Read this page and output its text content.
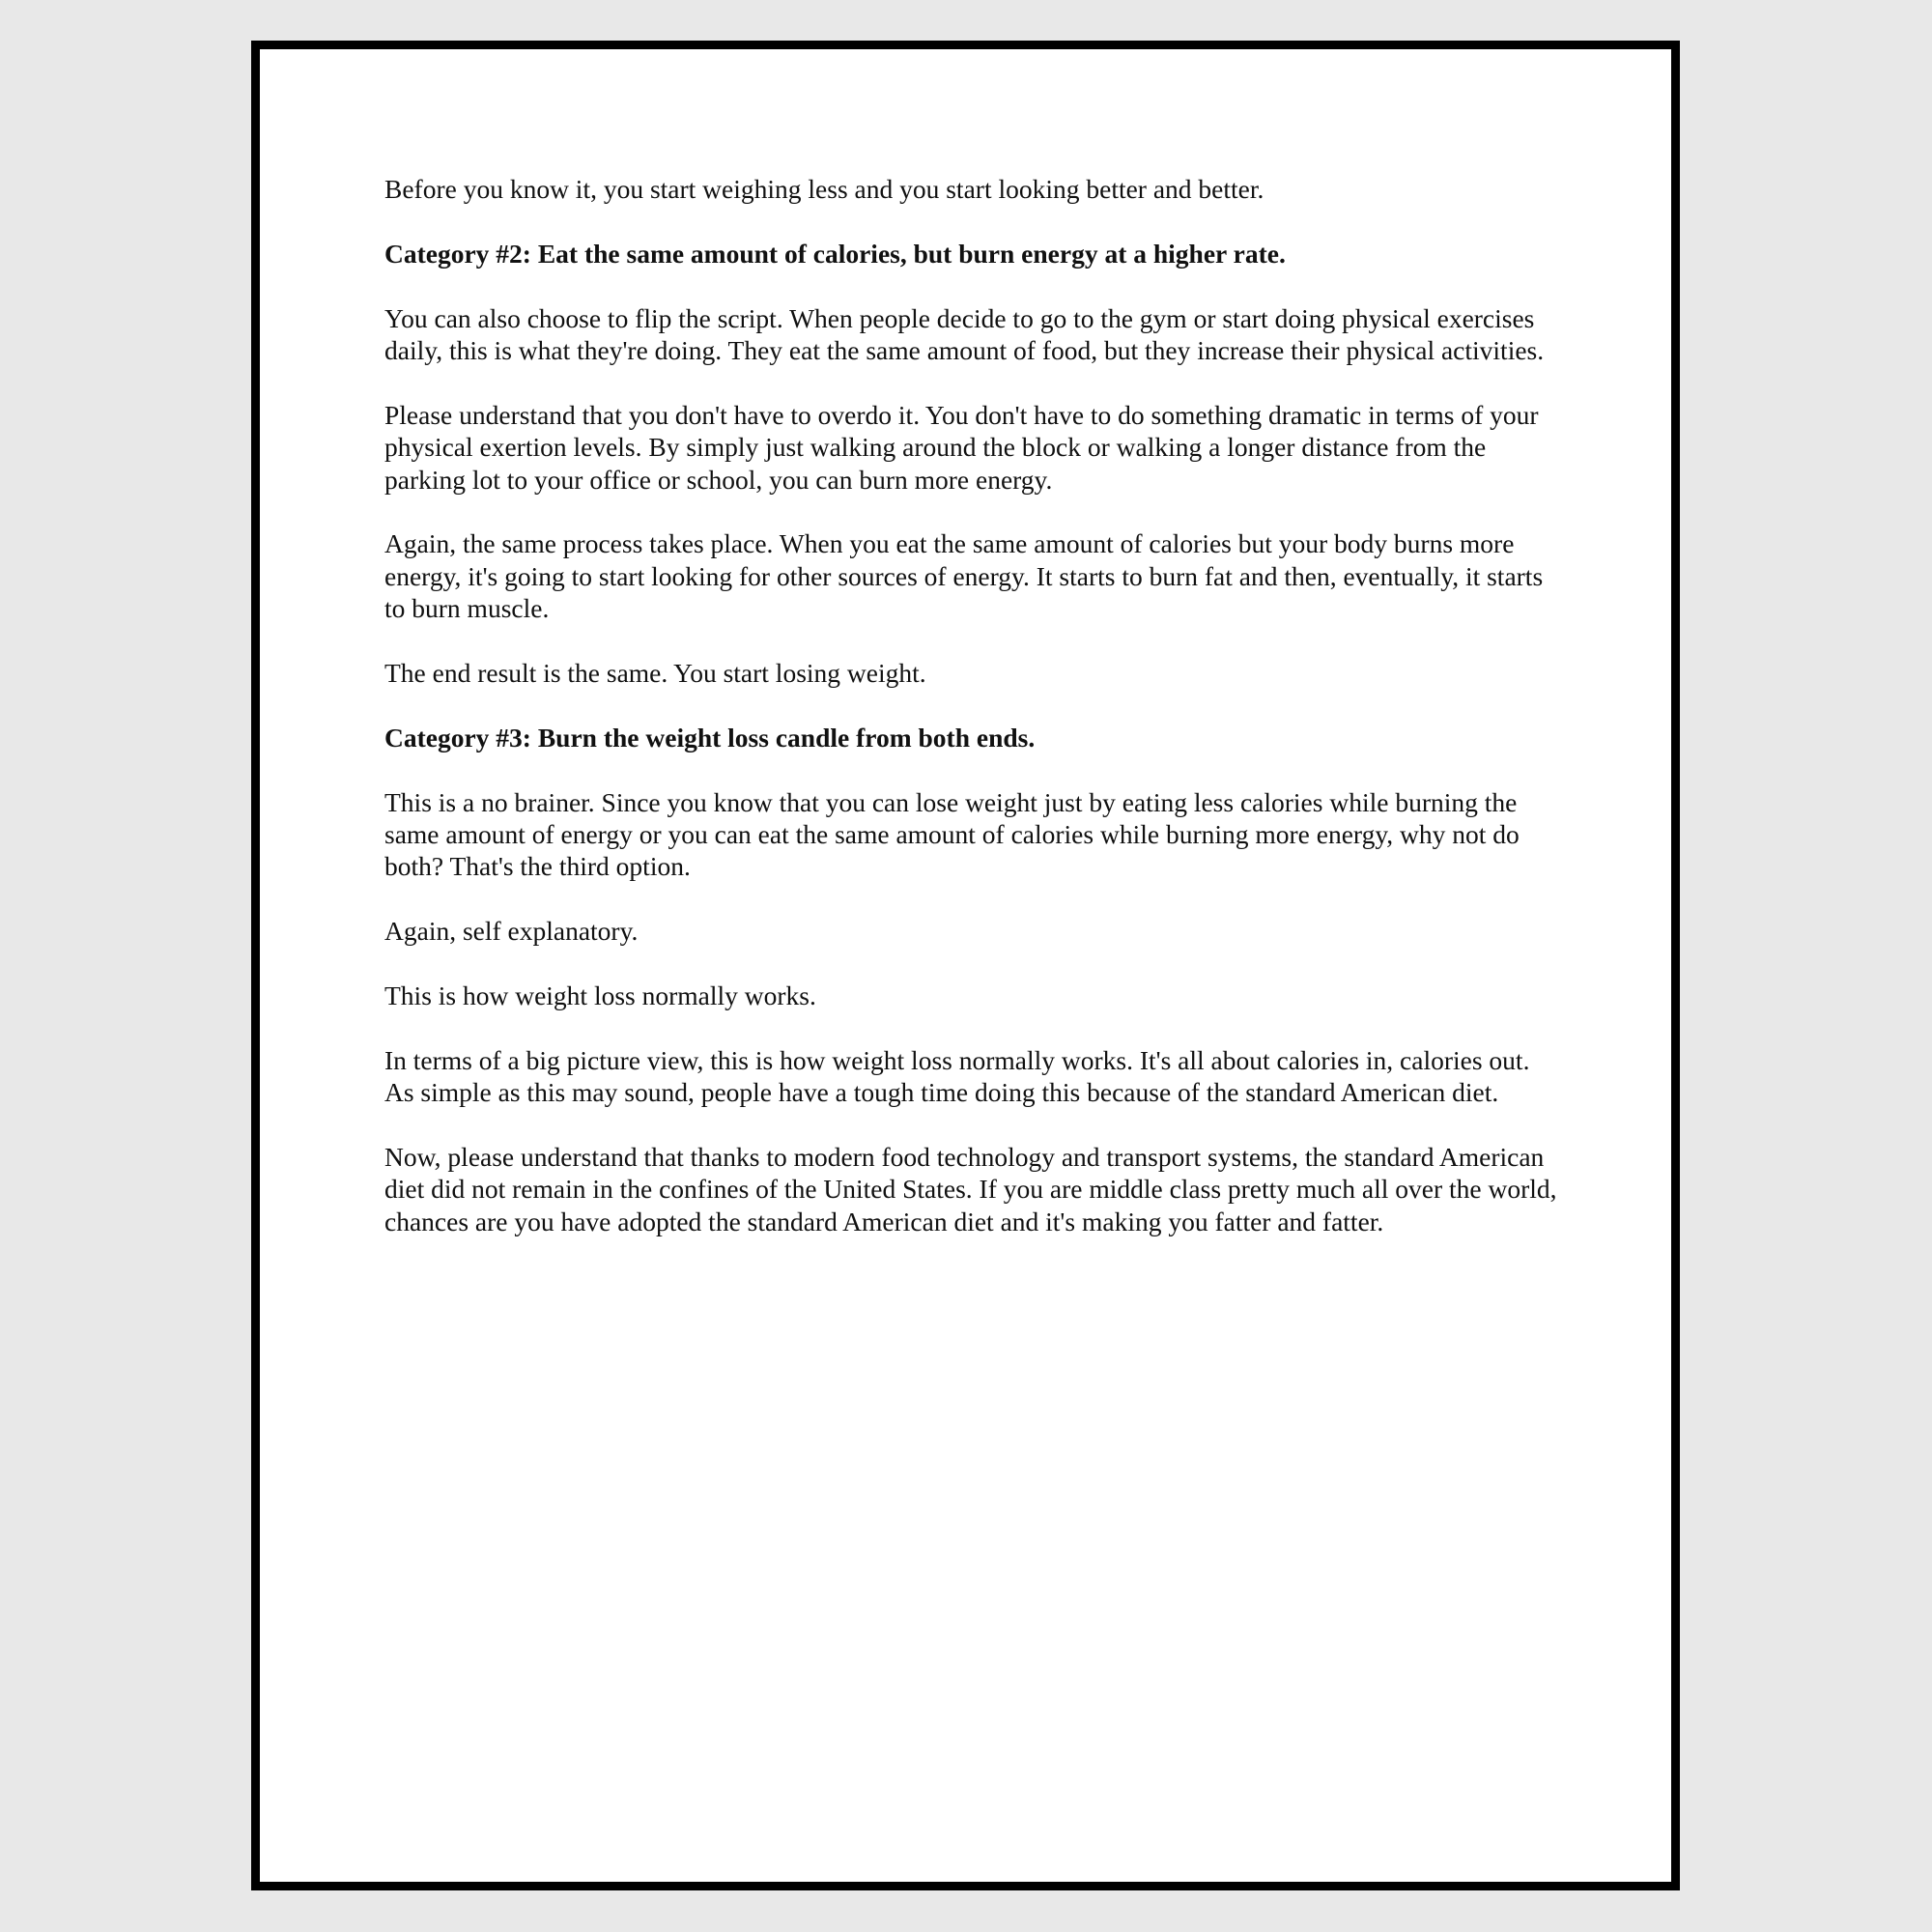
Before you know it, you start weighing less and you start looking better and better.

Category #2: Eat the same amount of calories, but burn energy at a higher rate.

You can also choose to flip the script. When people decide to go to the gym or start doing physical exercises daily, this is what they're doing. They eat the same amount of food, but they increase their physical activities.

Please understand that you don't have to overdo it. You don't have to do something dramatic in terms of your physical exertion levels. By simply just walking around the block or walking a longer distance from the parking lot to your office or school, you can burn more energy.

Again, the same process takes place. When you eat the same amount of calories but your body burns more energy, it's going to start looking for other sources of energy. It starts to burn fat and then, eventually, it starts to burn muscle.

The end result is the same. You start losing weight.

Category #3: Burn the weight loss candle from both ends.

This is a no brainer. Since you know that you can lose weight just by eating less calories while burning the same amount of energy or you can eat the same amount of calories while burning more energy, why not do both? That's the third option.

Again, self explanatory.

This is how weight loss normally works.

In terms of a big picture view, this is how weight loss normally works. It's all about calories in, calories out. As simple as this may sound, people have a tough time doing this because of the standard American diet.

Now, please understand that thanks to modern food technology and transport systems, the standard American diet did not remain in the confines of the United States. If you are middle class pretty much all over the world, chances are you have adopted the standard American diet and it's making you fatter and fatter.
